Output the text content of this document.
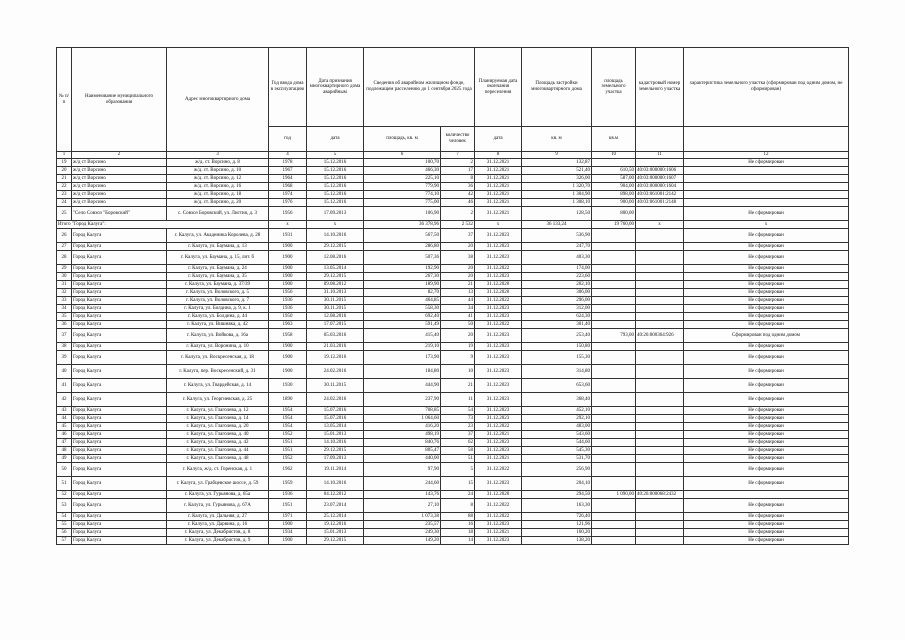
№ п/п	Наименование муниципального образования	Адрес многоквартирного дома	Год ввода дома в эксплуатацию	Дата признания многоквартирного дома аварийным	Сведения об аварийном жилищном фонде, подлежащем расселению до 1 сентября 2025 года		Планируемая дата окончания переселения	Площадь застройки многоквартирного дома	площадь земельного участка	кадастровый номер земельного участка	характеристика земельного участка (сформирован под одним домом, не сформирован)
			год	дата	площадь, кв. м	количество человек	дата	кв. м	кв.м		
1	2	3	4	5	6	7	8	9	10	11	12
19	ж/д ст Ворсино	ж/д. ст. Ворсино, д. 8	1978	15.12.2016	100,70	2	31.12.2021	132,87			Не сформирован
20	ж/д ст Ворсино	ж/д. ст. Ворсино, д. 10	1967	15.12.2016	466,30	17	31.12.2021	521,40	610,50	40:03:000000:1606	
21	ж/д ст Ворсино	ж/д. ст. Ворсино, д. 12	1964	15.12.2016	225,10	8	31.12.2021	326,00	587,00	40:03:000000:1607	
22	ж/д ст Ворсино	ж/д. ст. Ворсино, д. 16	1968	15.12.2016	779,90	36	31.12.2021	1 320,70	904,00	40:03:000000:1604	
23	ж/д ст Ворсино	ж/д. ст. Ворсино, д. 18	1974	15.12.2016	774,10	42	31.12.2021	1 304,90	898,00	40:03:061001:2142	
24	ж/д ст Ворсино	ж/д. ст. Ворсино, д. 20	1976	15.12.2016	775,00	46	31.12.2021	1 308,10	900,00	40:03:061001:2148	
25	"Село Совхоз "Боровский"	с. Совхоз Боровский, ул. Листия, д. 3	1956	17.09.2013	106,90	2	31.12.2021	128,50	800,00		Не сформирован
Итого "Город Калуга":			x	x	36 378,96	2 532	x	36 133,24	19 760,00	x	x
26	Город Калуга	г. Калуга, ул. Академика Королева, д. 28	1931	14.10.2016	567,50	37	31.12.2023	536,90			Не сформирован
27	Город Калуга	г. Калуга, ул. Баумана, д. 13	1900	29.12.2015	286,80	20	31.12.2023	247,70			Не сформирован
28	Город Калуга	г. Калуга, ул. Баумана, д. 15, лит. б	1900	12.08.2016	507,36	38	31.12.2023	403,30			Не сформирован
29	Город Калуга	г. Калуга, ул. Баумана, д. 24	1900	13.05.2014	192,90	20	31.12.2022	174,00			Не сформирован
30	Город Калуга	г. Калуга, ул. Баумана, д. 35	1900	29.12.2015	267,30	20	31.12.2023	223,60			Не сформирован
31	Город Калуга	г. Калуга, ул. Баумана, д. 37/39	1900	09.08.2012	189,90	21	31.12.2020	202,10			Не сформирован
32	Город Калуга	г. Калуга, ул. Воловского, д. 5	1956	31.10.2013	82,70	13	31.12.2020	306,00			Не сформирован
33	Город Калуга	г. Калуга, ул. Воловского, д. 7	1936	30.11.2015	464,85	44	31.12.2022	296,00			Не сформирован
34	Город Калуга	г. Калуга, ул. Болдина, д. 9, к. 1	1936	30.11.2015	558,30	34	31.12.2023	312,00			Не сформирован
35	Город Калуга	г. Калуга, ул. Болдина, д. 44	1950	12.08.2016	692,40	41	31.12.2023	624,30			Не сформирован
36	Город Калуга	г. Калуга, ул. Вишняка, д. 42	1963	17.07.2015	591,49	50	31.12.2022	301,40			Не сформирован
37	Город Калуга	г. Калуга, ул. Войкова, д. 16а	1958	05.03.2016	415,40	20	31.12.2023	253,40	793,00	40:26:000364:926	Сформирован под одним домом
38	Город Калуга	г. Калуга, ул. Воронина, д. 10	1900	21.03.2016	219,10	19	31.12.2023	150,80			Не сформирован
39	Город Калуга	г. Калуга, ул. Воскресенская, д. 18	1900	19.12.2016	173,90	9	31.12.2023	155,30			Не сформирован
40	Город Калуга	г. Калуга, пер. Воскресенский, д. 31	1900	24.02.2016	184,80	10	31.12.2023	314,80			Не сформирован
41	Город Калуга	г. Калуга, ул. Гвардейская, д. 14	1930	30.11.2015	444,90	21	31.12.2023	653,60			Не сформирован
42	Город Калуга	г. Калуга, ул. Георгиевская, д. 25	1890	24.02.2016	237,90	11	31.12.2023	368,40			Не сформирован
43	Город Калуга	г. Калуга, ул. Глаголева, д. 12	1954	15.07.2016	708,85	54	31.12.2023	452,10			Не сформирован
44	Город Калуга	г. Калуга, ул. Глаголева, д. 14	1954	15.07.2016	1 064,60	73	31.12.2023	292,10			Не сформирован
45	Город Калуга	г. Калуга, ул. Глаголева, д. 20	1954	13.05.2014	416,20	23	31.12.2022	483,00			Не сформирован
46	Город Калуга	г. Калуга, ул. Глаголева, д. 40	1952	15.01.2013	498,19	37	31.12.2021	543,60			Не сформирован
47	Город Калуга	г. Калуга, ул. Глаголева, д. 42	1951	14.10.2016	840,76	62	31.12.2023	544,60			Не сформирован
48	Город Калуга	г. Калуга, ул. Глаголева, д. 44	1951	29.12.2015	805,47	58	31.12.2023	545,30			Не сформирован
49	Город Калуга	г. Калуга, ул. Глаголева, д. 48	1952	17.09.2013	440,00	51	31.12.2021	531,70			Не сформирован
50	Город Калуга	г. Калуга, ж/д. ст. Горенская, д. 1	1962	19.11.2014	97,90	5	31.12.2022	256,90			Не сформирован
51	Город Калуга	г. Калуга, ул. Грабцевское шоссе, д. 59	1959	14.10.2016	244,60	15	31.12.2023	204,10			Не сформирован
52	Город Калуга	г. Калуга, ул. Гурьянова, д. 65а	1936	04.12.2012	143,76	24	31.12.2020	294,50	1 090,00	40:26:000068:2432	
53	Город Калуга	г. Калуга, ул. Гурьянова, д. 67А	1951	23.07.2014	27,10	8	31.12.2022	163,30			Не сформирован
54	Город Калуга	г. Калуга, ул. Дальняя, д. 27	1971	25.12.2014	1 073,38	88	31.12.2022	726,40			Не сформирован
55	Город Калуга	г. Калуга, ул. Дарвина, д. 16	1900	19.12.2016	235,57	16	31.12.2023	121,96			Не сформирован
56	Город Калуга	г. Калуга, ул. Декабристов, д. 8	1934	15.01.2013	249,30	18	31.12.2021	160,20			Не сформирован
57	Город Калуга	г. Калуга, ул. Декабристов, д. 9	1900	29.12.2015	149,20	14	31.12.2023	138,20			Не сформирован
